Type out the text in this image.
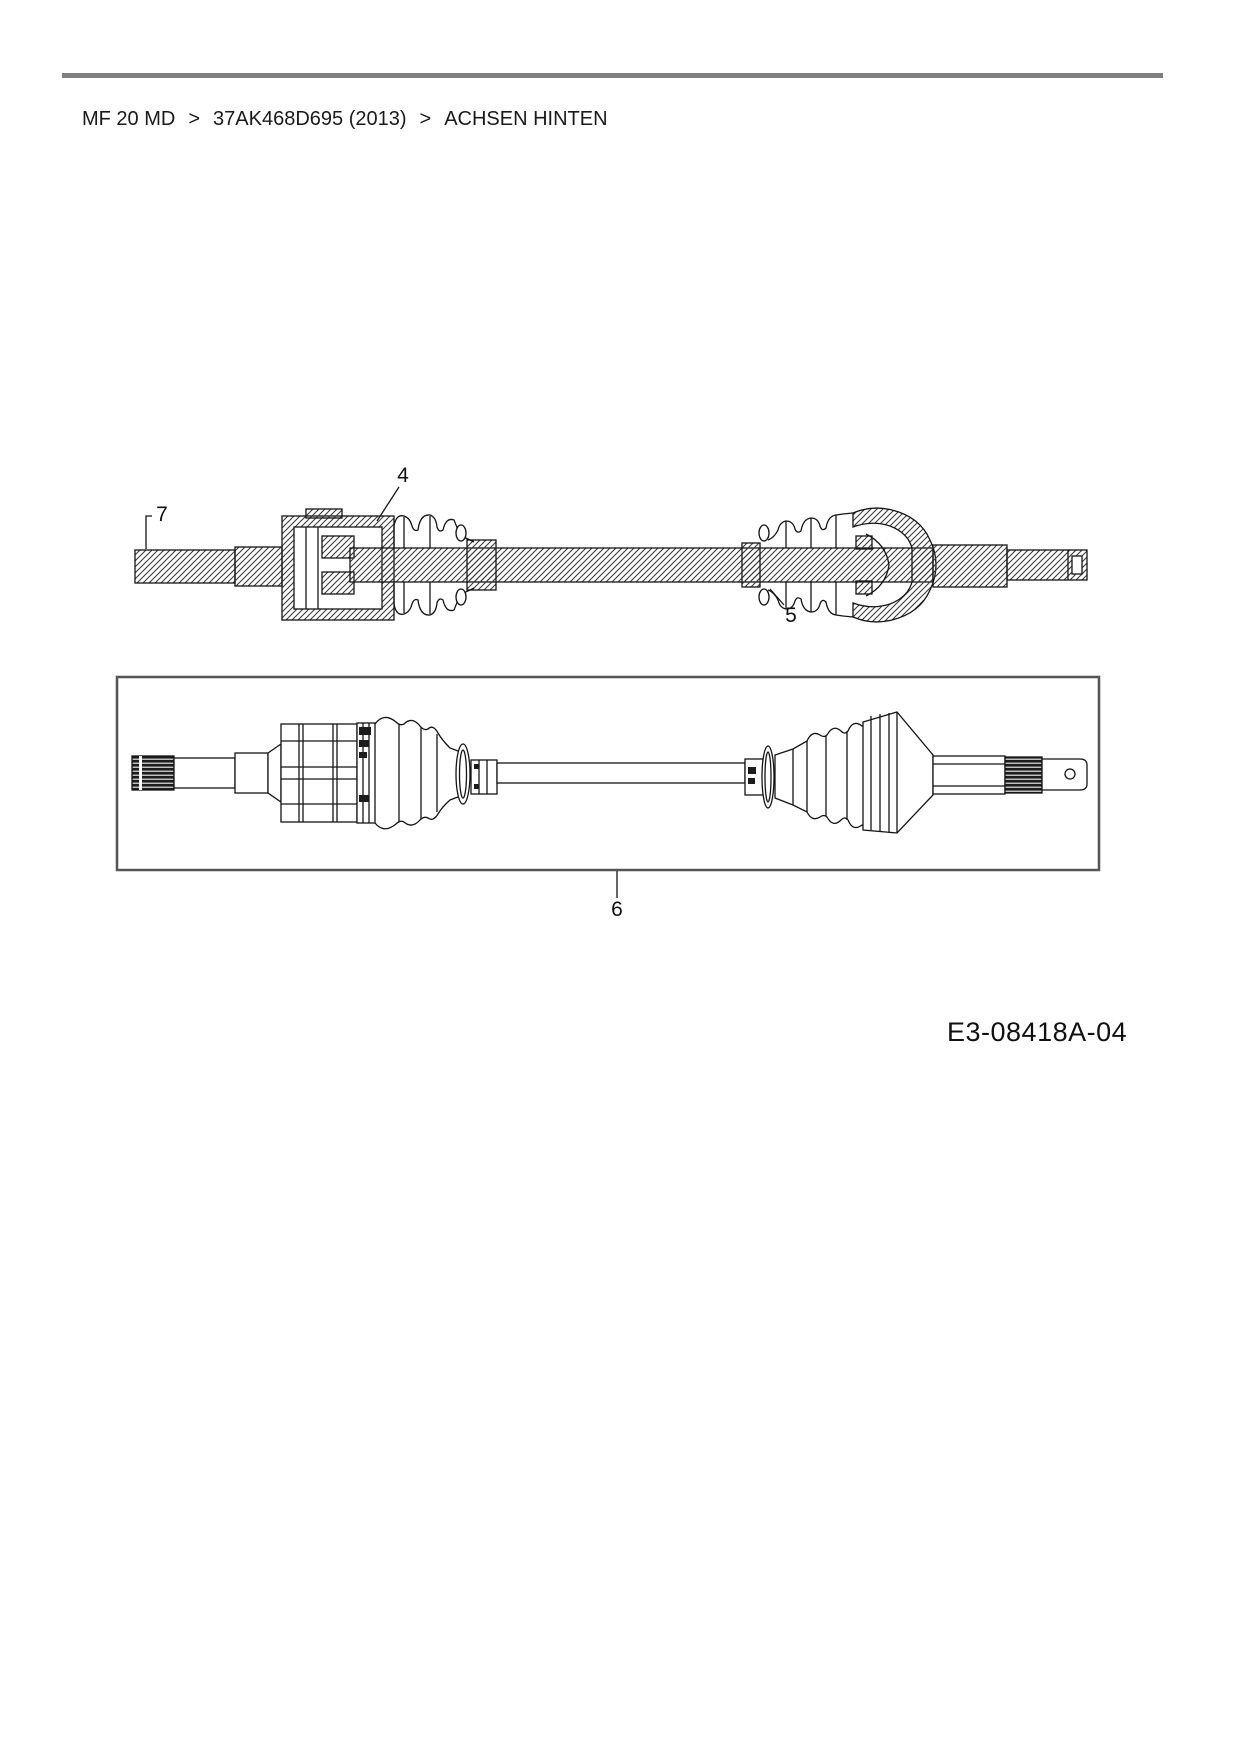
MF 20 MD > 37AK468D695 (2013) > ACHSEN HINTEN
7
4
5
6
E3-08418A-04
